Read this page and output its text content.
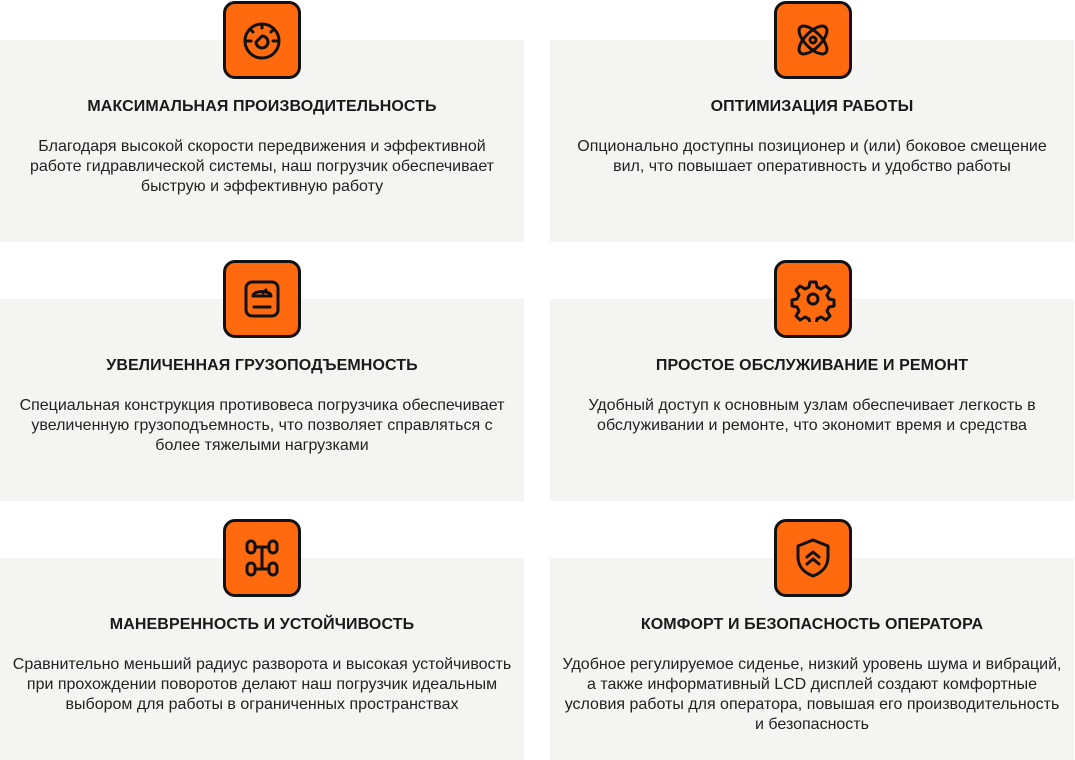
МАКСИМАЛЬНАЯ ПРОИЗВОДИТЕЛЬНОСТЬ
Благодаря высокой скорости передвижения и эффективной работе гидравлической системы, наш погрузчик обеспечивает быструю и эффективную работу
ОПТИМИЗАЦИЯ РАБОТЫ
Опционально доступны позиционер и (или) боковое смещение вил, что повышает оперативность и удобство работы
УВЕЛИЧЕННАЯ ГРУЗОПОДЪЕМНОСТЬ
Специальная конструкция противовеса погрузчика обеспечивает увеличенную грузоподъемность, что позволяет справляться с более тяжелыми нагрузками
ПРОСТОЕ ОБСЛУЖИВАНИЕ И РЕМОНТ
Удобный доступ к основным узлам обеспечивает легкость в обслуживании и ремонте, что экономит время и средства
МАНЕВРЕННОСТЬ И УСТОЙЧИВОСТЬ
Сравнительно меньший радиус разворота и высокая устойчивость при прохождении поворотов делают наш погрузчик идеальным выбором для работы в ограниченных пространствах
КОМФОРТ И БЕЗОПАСНОСТЬ ОПЕРАТОРА
Удобное регулируемое сиденье, низкий уровень шума и вибраций, а также информативный LCD дисплей создают комфортные условия работы для оператора, повышая его производительность и безопасность
